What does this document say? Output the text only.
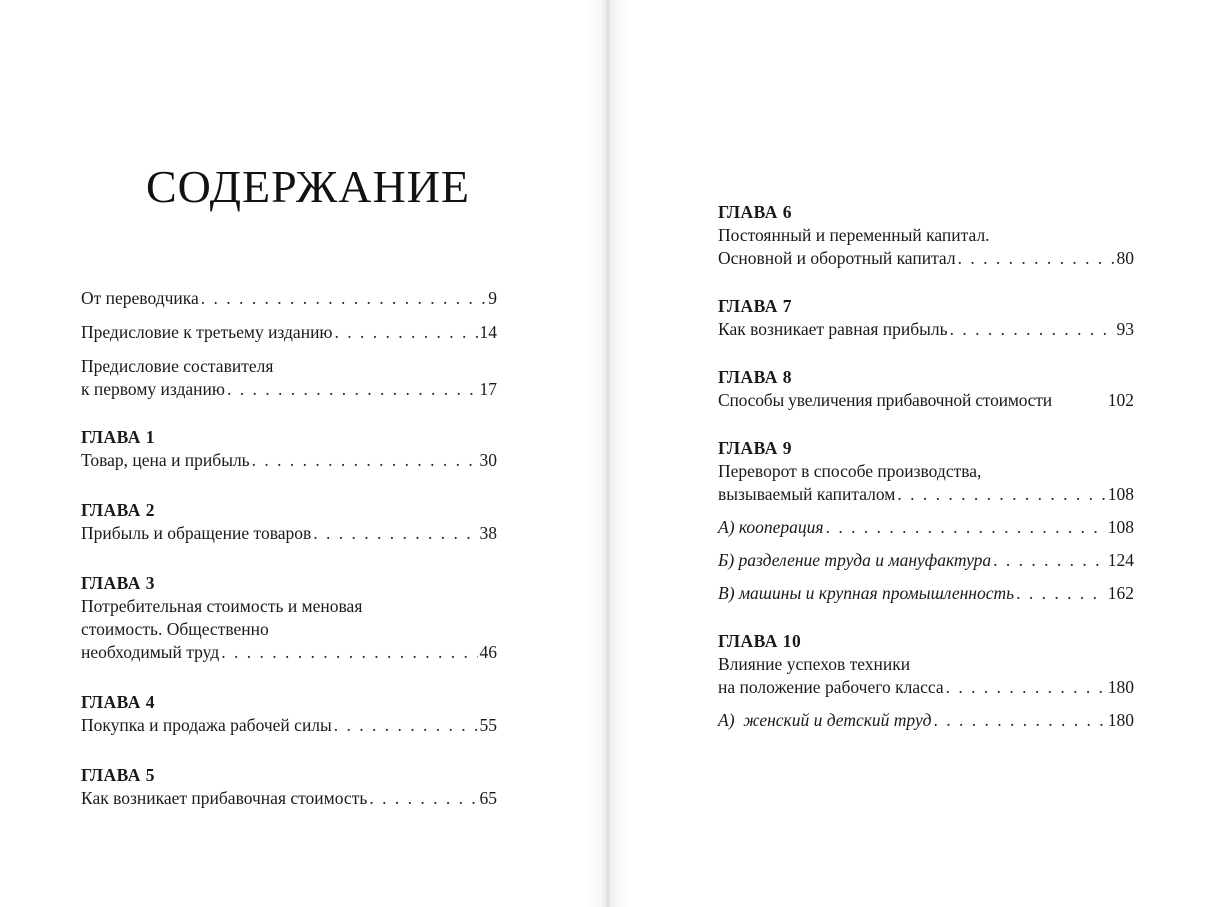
СОДЕРЖАНИЕ
От переводчика . . .	9
Предисловие к третьему изданию . . .	14
Предисловие составителя
к первому изданию . . .	17
ГЛАВА 1
Товар, цена и прибыль . . .	30
ГЛАВА 2
Прибыль и обращение товаров . . .	38
ГЛАВА 3
Потребительная стоимость и меновая
стоимость. Общественно
необходимый труд . . .	46
ГЛАВА 4
Покупка и продажа рабочей силы . . .	55
ГЛАВА 5
Как возникает прибавочная стоимость . . .	65
ГЛАВА 6
Постоянный и переменный капитал.
Основной и оборотный капитал . . .	80
ГЛАВА 7
Как возникает равная прибыль . . .	93
ГЛАВА 8
Способы увеличения прибавочной стоимости	102
ГЛАВА 9
Переворот в способе производства,
вызываемый капиталом . . .	108
А) кооперация . . .	108
Б) разделение труда и мануфактура . . .	124
В) машины и крупная промышленность . . .	162
ГЛАВА 10
Влияние успехов техники
на положение рабочего класса . . .	180
А)  женский и детский труд . . .	180
